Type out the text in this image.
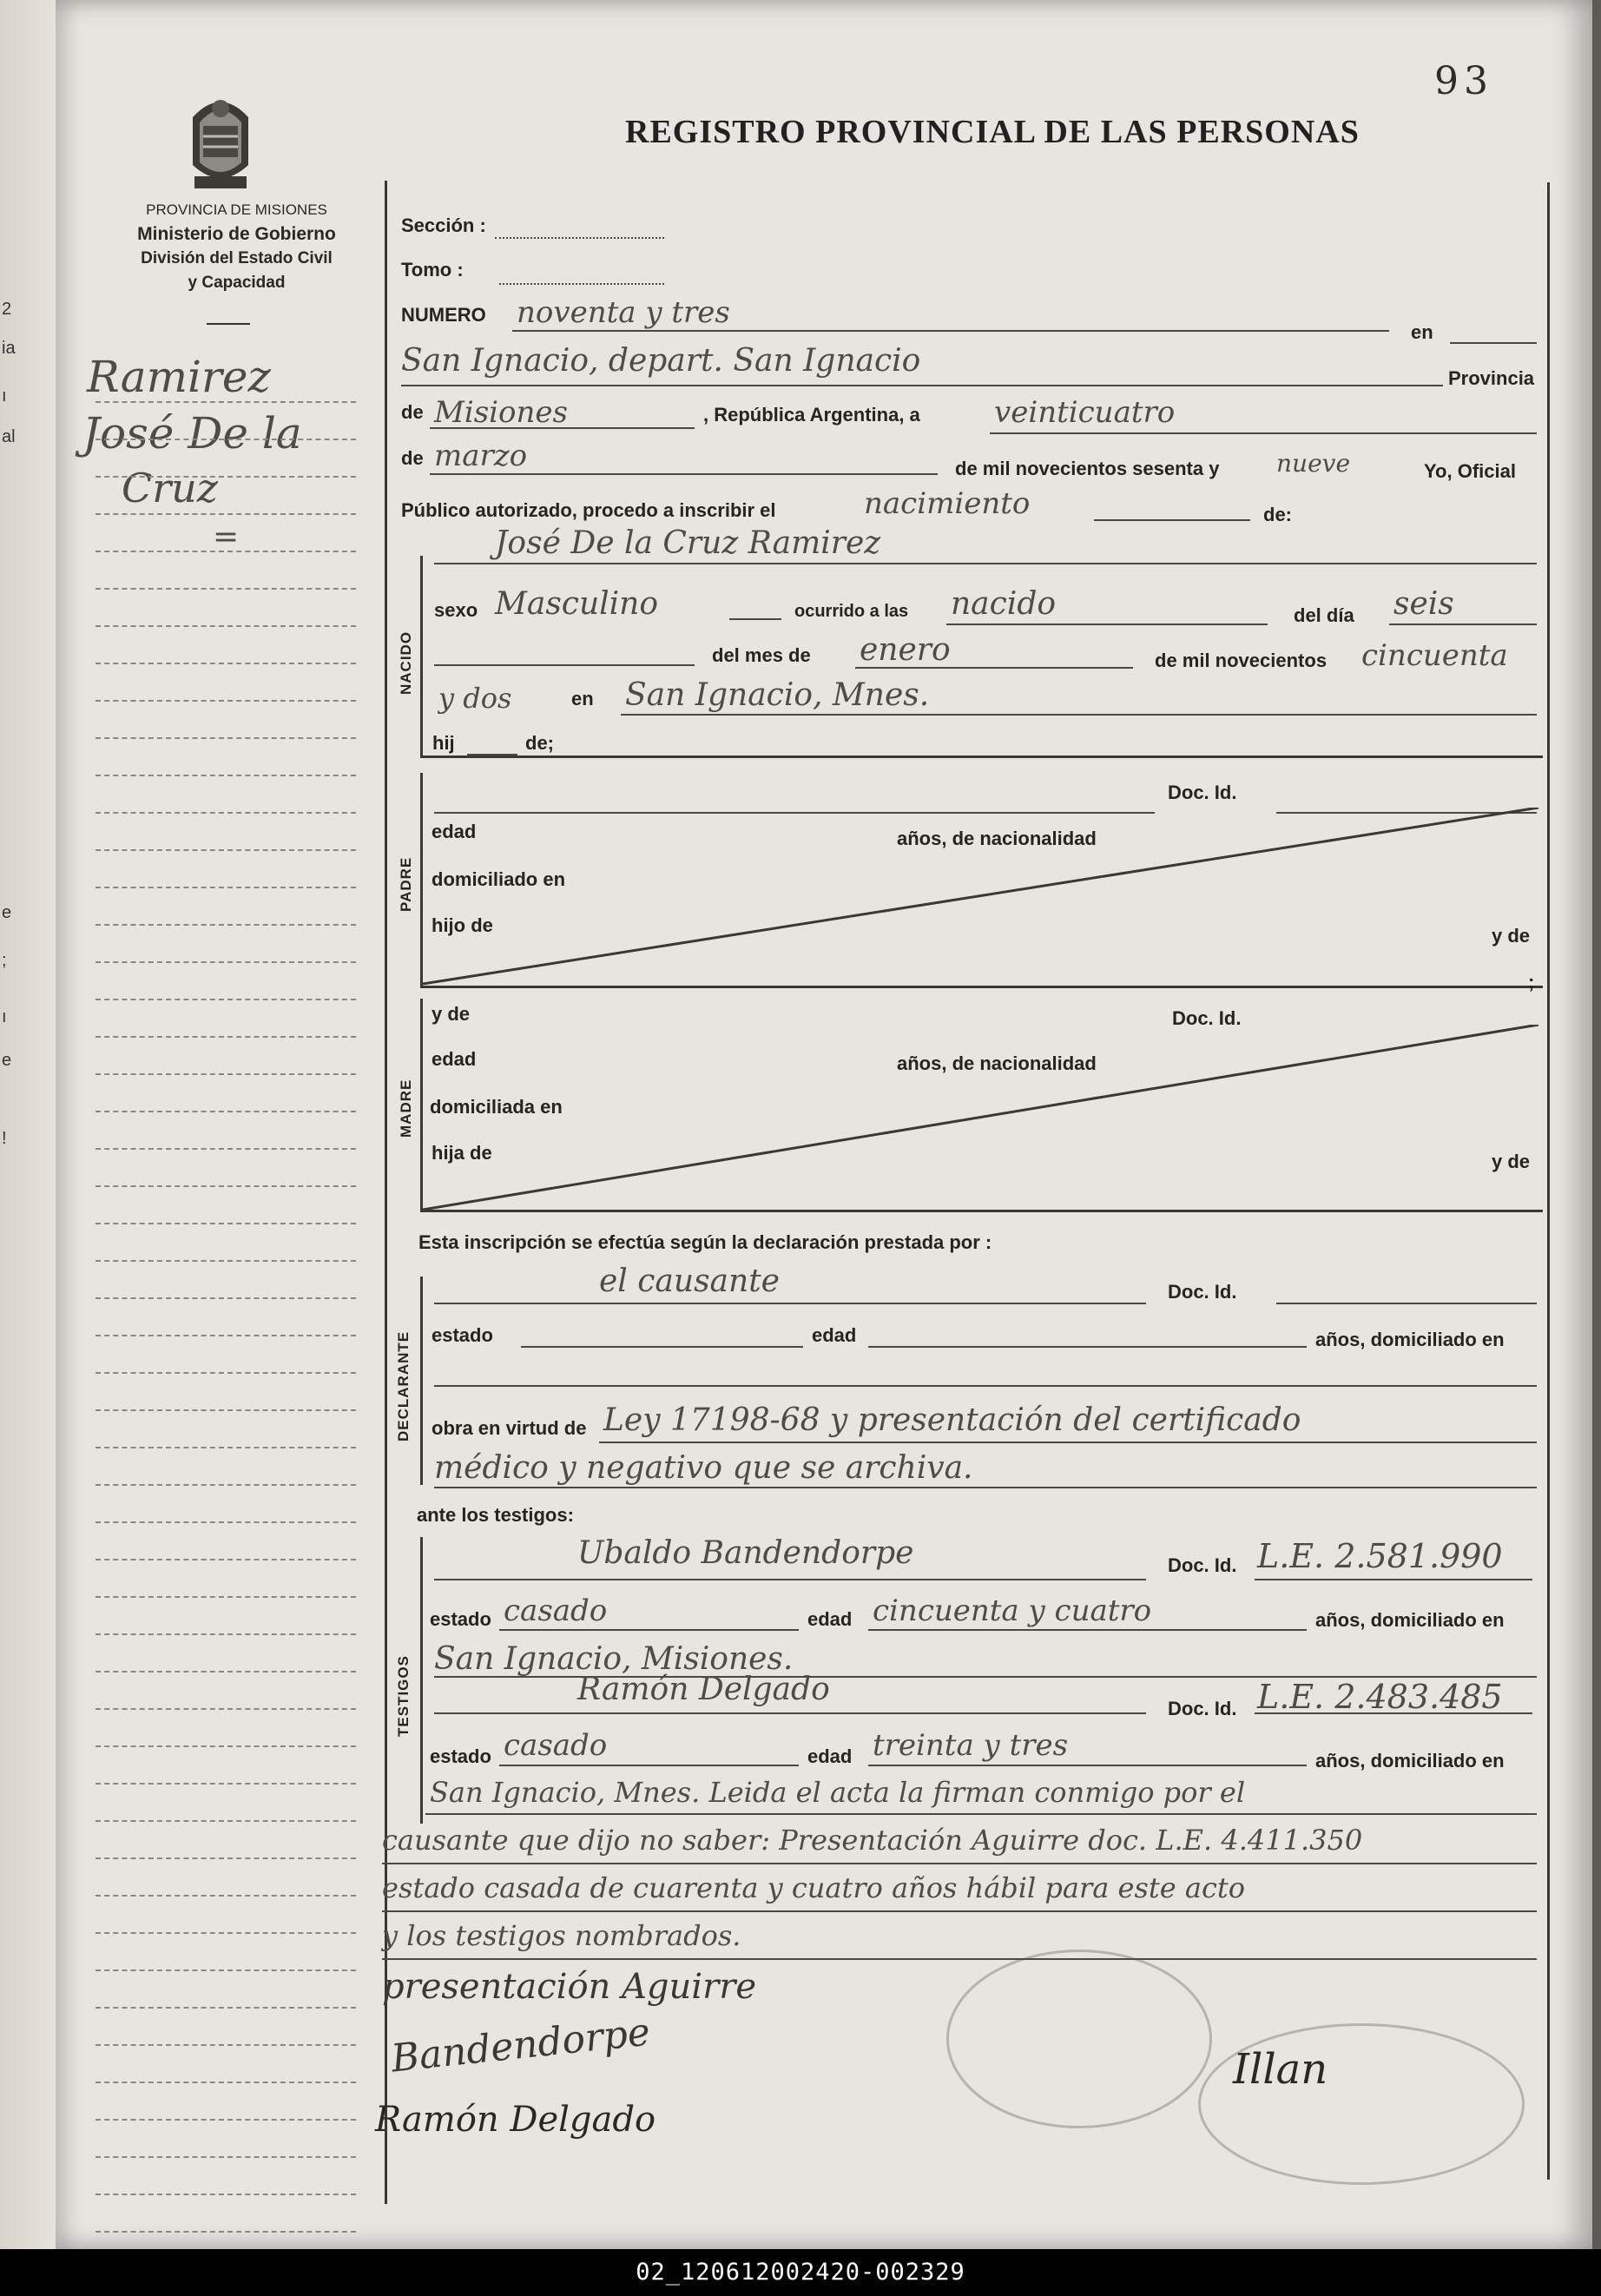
2
ia
ı
al
e
;
ı
e
!
93
REGISTRO PROVINCIAL DE LAS PERSONAS
PROVINCIA DE MISIONES
Ministerio de Gobierno
División del Estado Civil
y Capacidad
Ramirez
José De la
Cruz
=
Sección :
Tomo :
NUMERO noventa y tres
en
San Ignacio, depart. San Ignacio	Provincia
de Misiones	, República Argentina, a	veinticuatro
de marzo	de mil novecientos sesenta y nueve	Yo, Oficial
Público autorizado, procedo a inscribir el	nacimiento	de:
NACIDO
José De la Cruz Ramirez
sexo Masculino	ocurrido a las nacido	del día seis
del mes de enero	de mil novecientos cincuenta
y dos	en San Ignacio, Mnes.
hij	de;
PADRE
Doc. Id.
edad	años, de nacionalidad
domiciliado en
hijo de	y de
;
MADRE
y de	Doc. Id.
edad	años, de nacionalidad
domiciliada en
hija de	y de
Esta inscripción se efectúa según la declaración prestada por :
DECLARANTE
el causante	Doc. Id.
estado	edad	años, domiciliado en
obra en virtud de Ley 17198-68 y presentación del certificado
médico y negativo que se archiva.
ante los testigos:
TESTIGOS
Ubaldo Bandendorpe	Doc. Id. L.E. 2.581.990
estado casado	edad cincuenta y cuatro	años, domiciliado en
San Ignacio, Misiones.
Ramón Delgado
Doc. Id. L.E. 2.483.485
estado casado	edad treinta y tres	años, domiciliado en
San Ignacio, Mnes. Leida el acta la firman conmigo por el
causante que dijo no saber: Presentación Aguirre doc. L.E. 4.411.350
estado casada de cuarenta y cuatro años hábil para este acto
y los testigos nombrados.
presentación Aguirre
Bandendorpe
Ramón Delgado
Illan
02_120612002420-002329
